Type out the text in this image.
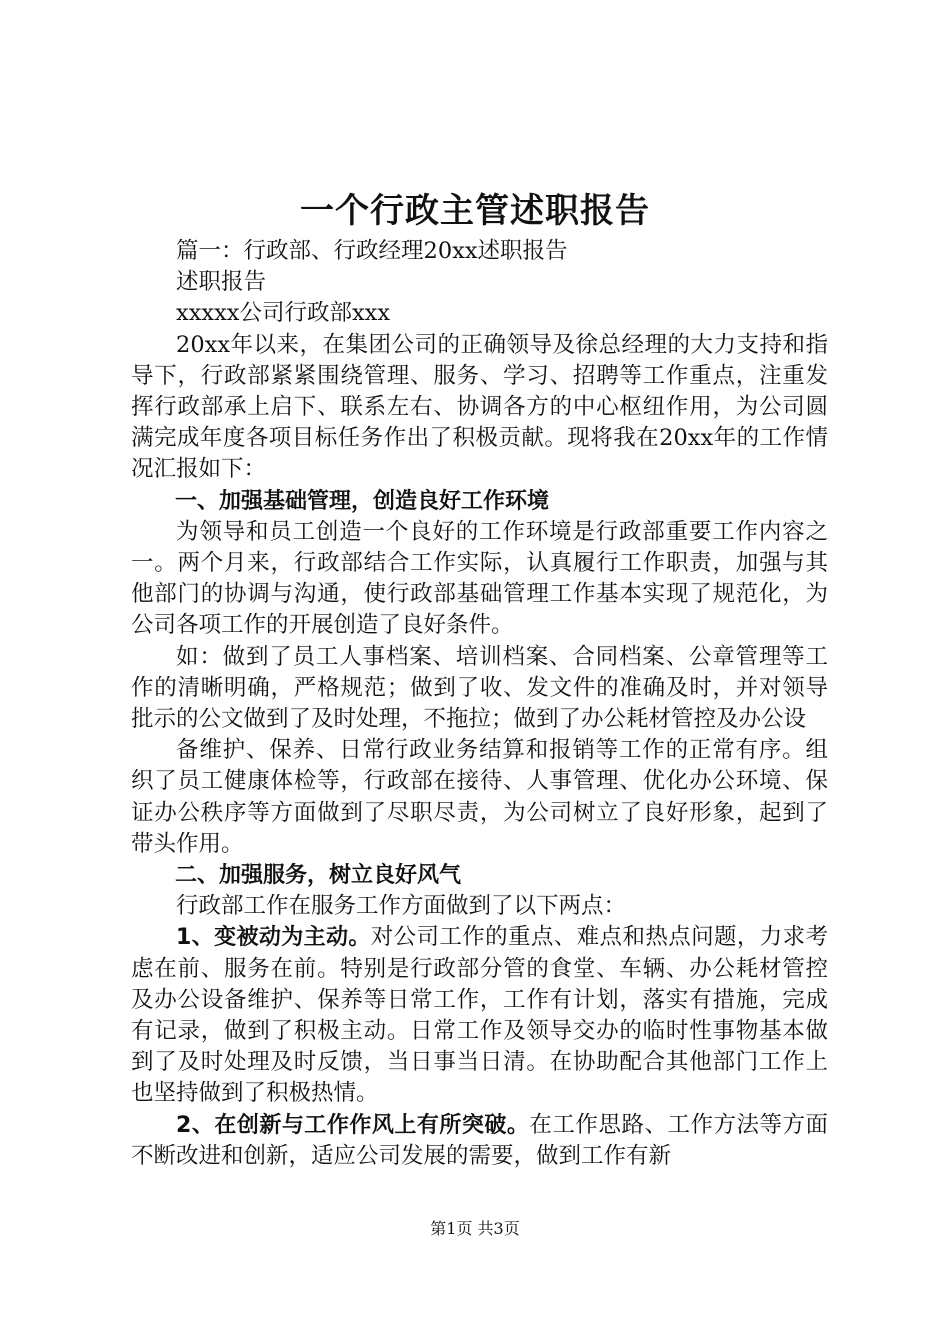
一个行政主管述职报告

篇一：行政部、行政经理20xx述职报告

述职报告

xxxxx公司行政部xxx

20xx年以来，在集团公司的正确领导及徐总经理的大力支持和指导下，行政部紧紧围绕管理、服务、学习、招聘等工作重点，注重发挥行政部承上启下、联系左右、协调各方的中心枢纽作用，为公司圆满完成年度各项目标任务作出了积极贡献。现将我在20xx年的工作情况汇报如下：

一、加强基础管理，创造良好工作环境

为领导和员工创造一个良好的工作环境是行政部重要工作内容之一。两个月来，行政部结合工作实际，认真履行工作职责，加强与其他部门的协调与沟通，使行政部基础管理工作基本实现了规范化，为公司各项工作的开展创造了良好条件。

如：做到了员工人事档案、培训档案、合同档案、公章管理等工作的清晰明确，严格规范；做到了收、发文件的准确及时，并对领导批示的公文做到了及时处理，不拖拉；做到了办公耗材管控及办公设

备维护、保养、日常行政业务结算和报销等工作的正常有序。组织了员工健康体检等，行政部在接待、人事管理、优化办公环境、保证办公秩序等方面做到了尽职尽责，为公司树立了良好形象，起到了带头作用。

二、加强服务，树立良好风气

行政部工作在服务工作方面做到了以下两点：

1、变被动为主动。对公司工作的重点、难点和热点问题，力求考虑在前、服务在前。特别是行政部分管的食堂、车辆、办公耗材管控及办公设备维护、保养等日常工作，工作有计划，落实有措施，完成有记录，做到了积极主动。日常工作及领导交办的临时性事物基本做到了及时处理及时反馈，当日事当日清。在协助配合其他部门工作上也坚持做到了积极热情。

2、在创新与工作作风上有所突破。在工作思路、工作方法等方面不断改进和创新，适应公司发展的需要，做到工作有新

第1页 共3页
